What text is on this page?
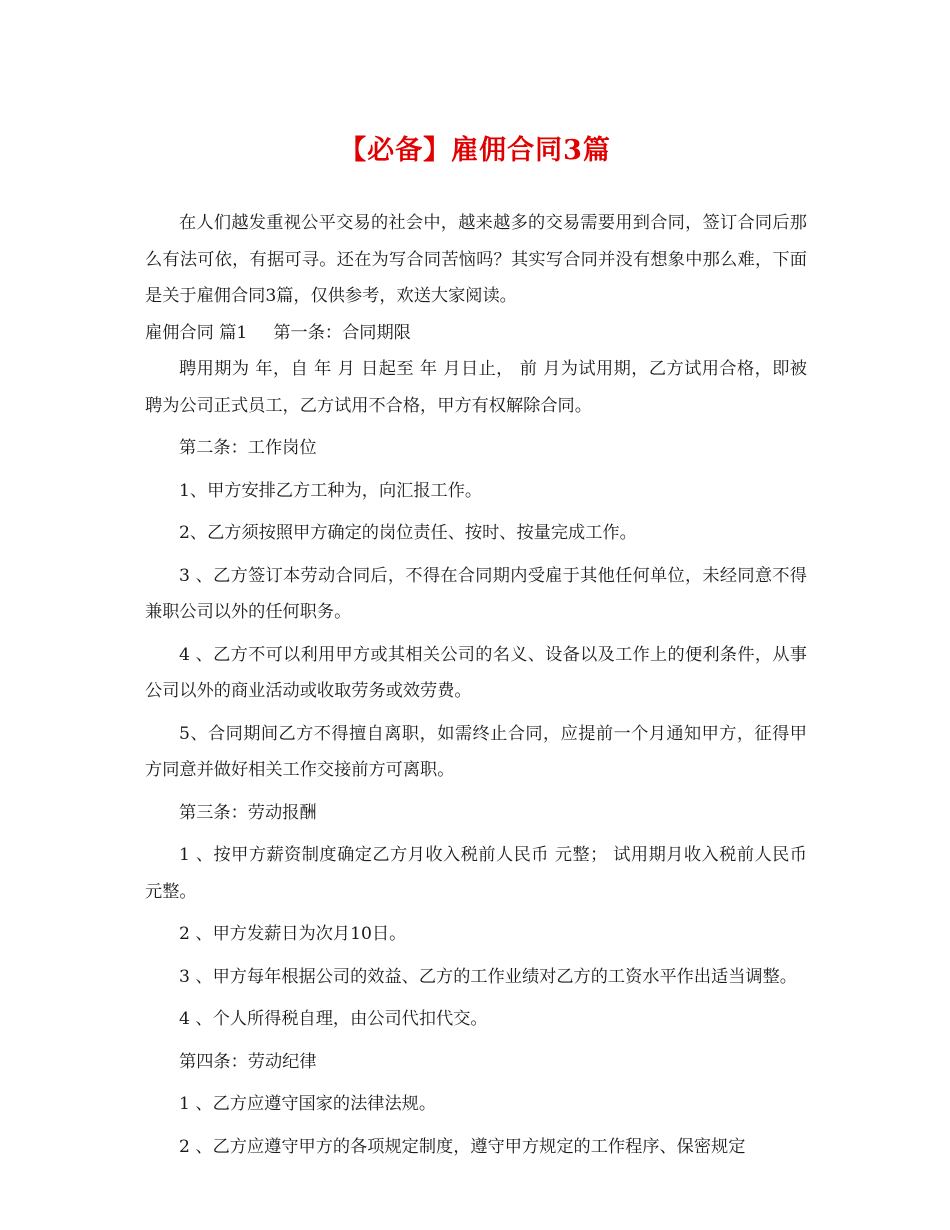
【必备】雇佣合同3篇

在人们越发重视公平交易的社会中，越来越多的交易需要用到合同，签订合同后那么有法可依，有据可寻。还在为写合同苦恼吗？其实写合同并没有想象中那么难，下面是关于雇佣合同3篇，仅供参考，欢送大家阅读。

雇佣合同 篇1 第一条：合同期限

聘用期为 年，自 年 月 日起至 年 月日止， 前 月为试用期，乙方试用合格，即被聘为公司正式员工，乙方试用不合格，甲方有权解除合同。

第二条：工作岗位

1、甲方安排乙方工种为，向汇报工作。

2、乙方须按照甲方确定的岗位责任、按时、按量完成工作。

3 、乙方签订本劳动合同后，不得在合同期内受雇于其他任何单位，未经同意不得兼职公司以外的任何职务。

4 、乙方不可以利用甲方或其相关公司的名义、设备以及工作上的便利条件，从事公司以外的商业活动或收取劳务或效劳费。

5、合同期间乙方不得擅自离职，如需终止合同，应提前一个月通知甲方，征得甲方同意并做好相关工作交接前方可离职。

第三条：劳动报酬

1 、按甲方薪资制度确定乙方月收入税前人民币 元整； 试用期月收入税前人民币 元整。

2 、甲方发薪日为次月10日。

3 、甲方每年根据公司的效益、乙方的工作业绩对乙方的工资水平作出适当调整。

4 、个人所得税自理，由公司代扣代交。

第四条：劳动纪律

1 、乙方应遵守国家的法律法规。

2 、乙方应遵守甲方的各项规定制度，遵守甲方规定的工作程序、保密规定
